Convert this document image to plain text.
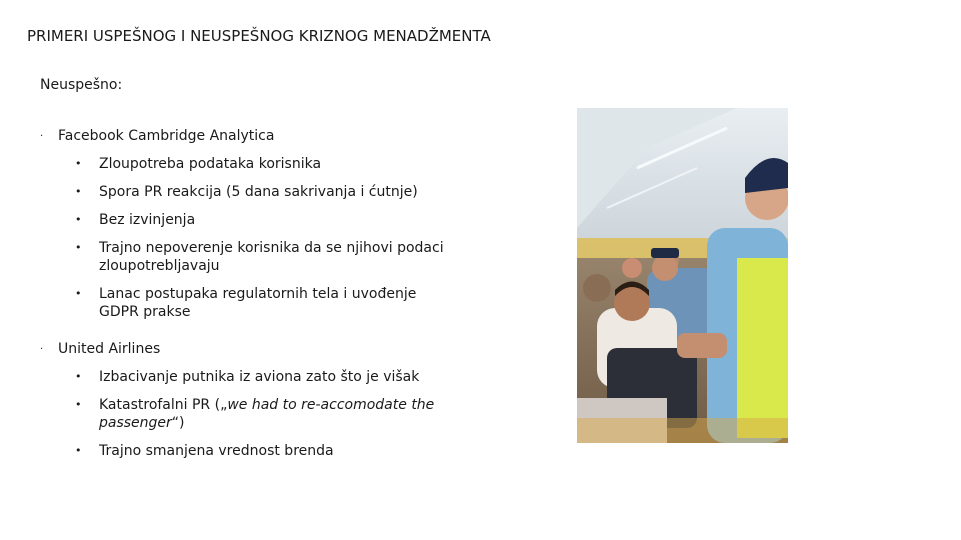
PRIMERI USPEŠNOG I NEUSPEŠNOG KRIZNOG MENADŽMENTA
Neuspešno:
·	Facebook Cambridge Analytica
•	Zloupotreba podataka korisnika
•	Spora PR reakcija (5 dana sakrivanja i ćutnje)
•	Bez izvinjenja
•	Trajno nepoverenje korisnika da se njihovi podaci zloupotrebljavaju
•	Lanac postupaka regulatornih tela i uvođenje GDPR prakse
·	United Airlines
•	Izbacivanje putnika iz aviona zato što je višak
•	Katastrofalni PR („we had to re-accomodate the passenger“)
•	Trajno smanjena vrednost brenda
